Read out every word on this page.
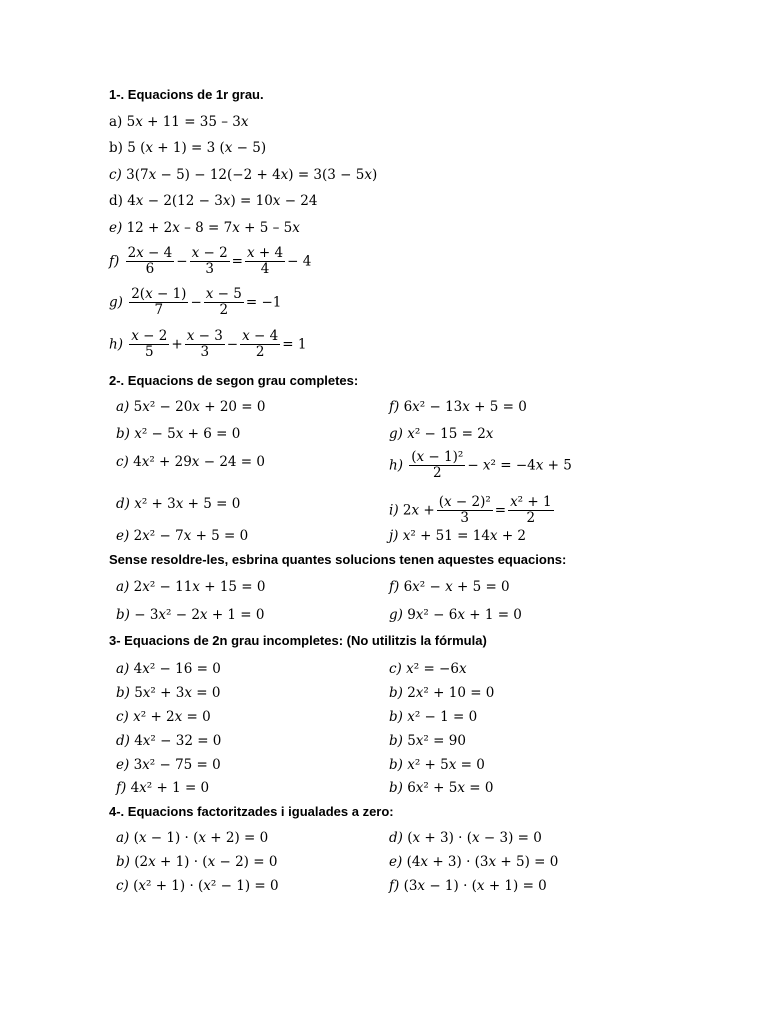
1-. Equacions de 1r grau.
a) 5𝑥 + 11 = 35 – 3𝑥
b) 5 (𝑥 + 1) = 3 (𝑥 − 5)
𝑐) 3(7𝑥 − 5) − 12(−2 + 4𝑥) = 3(3 − 5𝑥)
d) 4𝑥 − 2(12 − 3𝑥) = 10𝑥 − 24
𝑒) 12 + 2𝑥 – 8 = 7𝑥 + 5 – 5𝑥
𝑓) $\frac{\text{2𝑥 − 4}}{6} - \frac{\text{𝑥 − 2}}{3} = \frac{\text{𝑥 + 4}}{4} - 4$
𝑔) $\frac{\text{2(𝑥 − 1)}}{7} - \frac{\text{𝑥 − 5}}{2} = -1$
ℎ) $\frac{\text{𝑥 − 2}}{5} + \frac{\text{𝑥 − 3}}{3} - \frac{\text{𝑥 − 4}}{2} = 1$
2-. Equacions de segon grau completes:
𝑎) 5𝑥² − 20𝑥 + 20 = 0
𝑏) 𝑥² − 5𝑥 + 6 = 0
𝑐) 4𝑥² + 29𝑥 − 24 = 0
𝑑) 𝑥² + 3𝑥 + 5 = 0
𝑒) 2𝑥² − 7𝑥 + 5 = 0
𝑓) 6𝑥² − 13𝑥 + 5 = 0
𝑔) 𝑥² − 15 = 2𝑥
ℎ) $\frac{\text{(𝑥 − 1)²}}{2}$ − 𝑥² = −4𝑥 + 5
𝑖) 2𝑥 + $\frac{\text{(𝑥 − 2)²}}{3} = \frac{\text{𝑥² + 1}}{2}$
𝑗) 𝑥² + 51 = 14𝑥 + 2
Sense resoldre-les, esbrina quantes solucions tenen aquestes equacions:
𝑎) 2𝑥² − 11𝑥 + 15 = 0
𝑏) − 3𝑥² − 2𝑥 + 1 = 0
𝑓) 6𝑥² − 𝑥 + 5 = 0
𝑔) 9𝑥² − 6𝑥 + 1 = 0
3- Equacions de 2n grau incompletes: (No utilitzis la fórmula)
𝑎) 4𝑥² − 16 = 0
𝑏) 5𝑥² + 3𝑥 = 0
𝑐) 𝑥² + 2𝑥 = 0
𝑑) 4𝑥² − 32 = 0
𝑒) 3𝑥² − 75 = 0
𝑓) 4𝑥² + 1 = 0
𝑐) 𝑥² = −6𝑥
𝑏) 2𝑥² + 10 = 0
𝑏) 𝑥² − 1 = 0
𝑏) 5𝑥² = 90
𝑏) 𝑥² + 5𝑥 = 0
𝑏) 6𝑥² + 5𝑥 = 0
4-. Equacions factoritzades i igualades a zero:
𝑎) (𝑥 − 1) · (𝑥 + 2) = 0
𝑏) (2𝑥 + 1) · (𝑥 − 2) = 0
𝑐) (𝑥² + 1) · (𝑥² − 1) = 0
𝑑) (𝑥 + 3) · (𝑥 − 3) = 0
𝑒) (4𝑥 + 3) · (3𝑥 + 5) = 0
𝑓) (3𝑥 − 1) · (𝑥 + 1) = 0
